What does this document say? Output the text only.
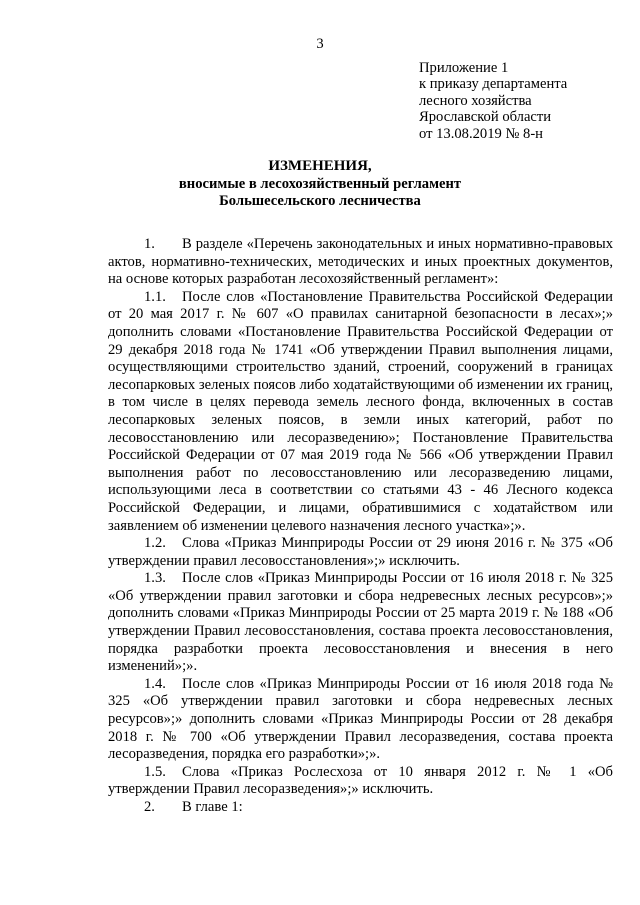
3
Приложение 1
к приказу департамента
лесного хозяйства
Ярославской области
от 13.08.2019 № 8-н
ИЗМЕНЕНИЯ,
вносимые в лесохозяйственный регламент
Большесельского лесничества

1. В разделе «Перечень законодательных и иных нормативно-правовых актов, нормативно-технических, методических и иных проектных документов, на основе которых разработан лесохозяйственный регламент»:

1.1. После слов «Постановление Правительства Российской Федерации от 20 мая 2017 г. № 607 «О правилах санитарной безопасности в лесах»;» дополнить словами «Постановление Правительства Российской Федерации от 29 декабря 2018 года № 1741 «Об утверждении Правил выполнения лицами, осуществляющими строительство зданий, строений, сооружений в границах лесопарковых зеленых поясов либо ходатайствующими об изменении их границ, в том числе в целях перевода земель лесного фонда, включенных в состав лесопарковых зеленых поясов, в земли иных категорий, работ по лесовосстановлению или лесоразведению»; Постановление Правительства Российской Федерации от 07 мая 2019 года № 566 «Об утверждении Правил выполнения работ по лесовосстановлению или лесоразведению лицами, использующими леса в соответствии со статьями 43 - 46 Лесного кодекса Российской Федерации, и лицами, обратившимися с ходатайством или заявлением об изменении целевого назначения лесного участка»;».

1.2. Слова «Приказ Минприроды России от 29 июня 2016 г. № 375 «Об утверждении правил лесовосстановления»;» исключить.

1.3. После слов «Приказ Минприроды России от 16 июля 2018 г. № 325 «Об утверждении правил заготовки и сбора недревесных лесных ресурсов»;» дополнить словами «Приказ Минприроды России от 25 марта 2019 г. № 188 «Об утверждении Правил лесовосстановления, состава проекта лесовосстановления, порядка разработки проекта лесовосстановления и внесения в него изменений»;».

1.4. После слов «Приказ Минприроды России от 16 июля 2018 года № 325 «Об утверждении правил заготовки и сбора недревесных лесных ресурсов»;» дополнить словами «Приказ Минприроды России от 28 декабря 2018 г. № 700 «Об утверждении Правил лесоразведения, состава проекта лесоразведения, порядка его разработки»;».

1.5. Слова «Приказ Рослесхоза от 10 января 2012 г. № 1 «Об утверждении Правил лесоразведения»;» исключить.

2. В главе 1:
